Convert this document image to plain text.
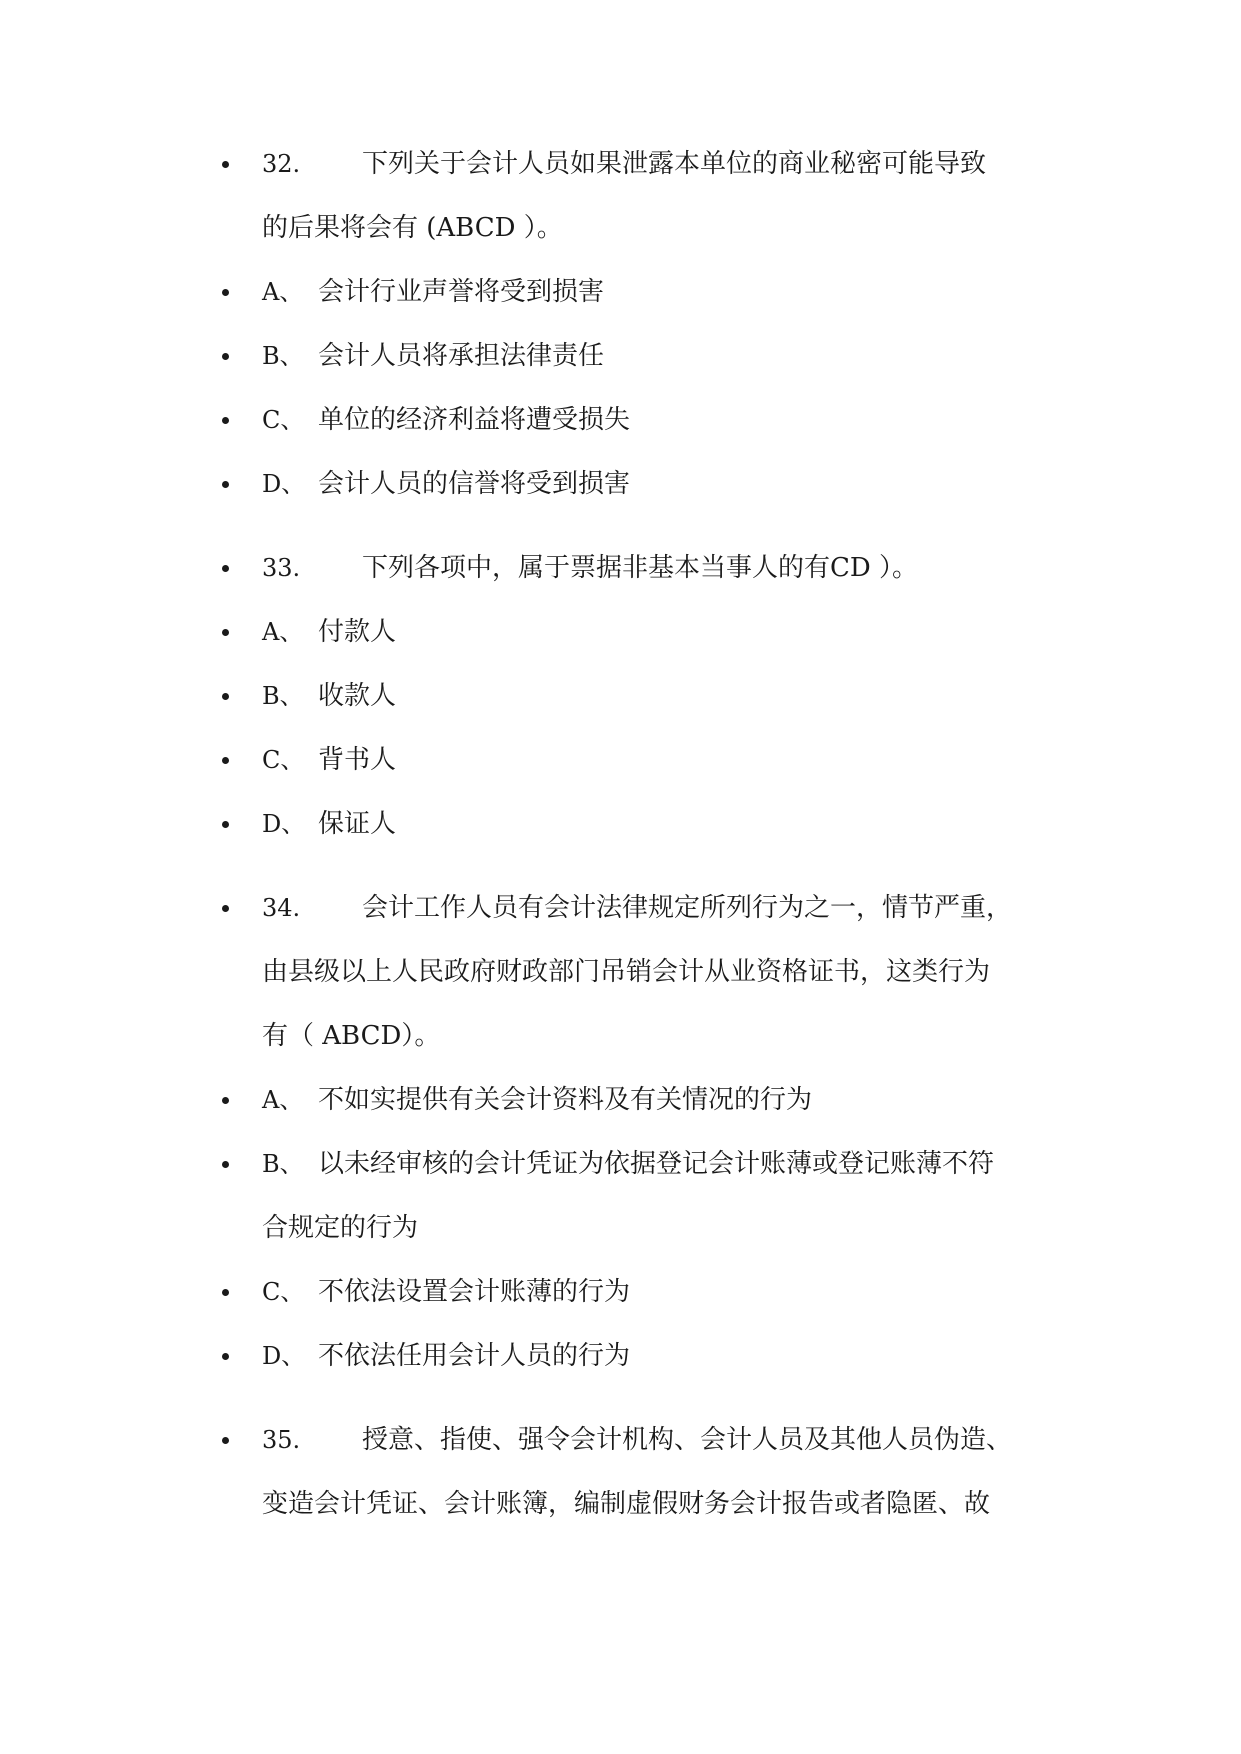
32. 下列关于会计人员如果泄露本单位的商业秘密可能导致
的后果将会有 (ABCD ）。
A、 会计行业声誉将受到损害
B、 会计人员将承担法律责任
C、 单位的经济利益将遭受损失
D、 会计人员的信誉将受到损害
33. 下列各项中，属于票据非基本当事人的有CD ）。
A、 付款人
B、 收款人
C、 背书人
D、 保证人
34. 会计工作人员有会计法律规定所列行为之一，情节严重，
由县级以上人民政府财政部门吊销会计从业资格证书，这类行为
有（ ABCD）。
A、 不如实提供有关会计资料及有关情况的行为
B、 以未经审核的会计凭证为依据登记会计账薄或登记账薄不符
合规定的行为
C、 不依法设置会计账薄的行为
D、 不依法任用会计人员的行为
35. 授意、指使、强令会计机构、会计人员及其他人员伪造、
变造会计凭证、会计账簿，编制虚假财务会计报告或者隐匿、故
